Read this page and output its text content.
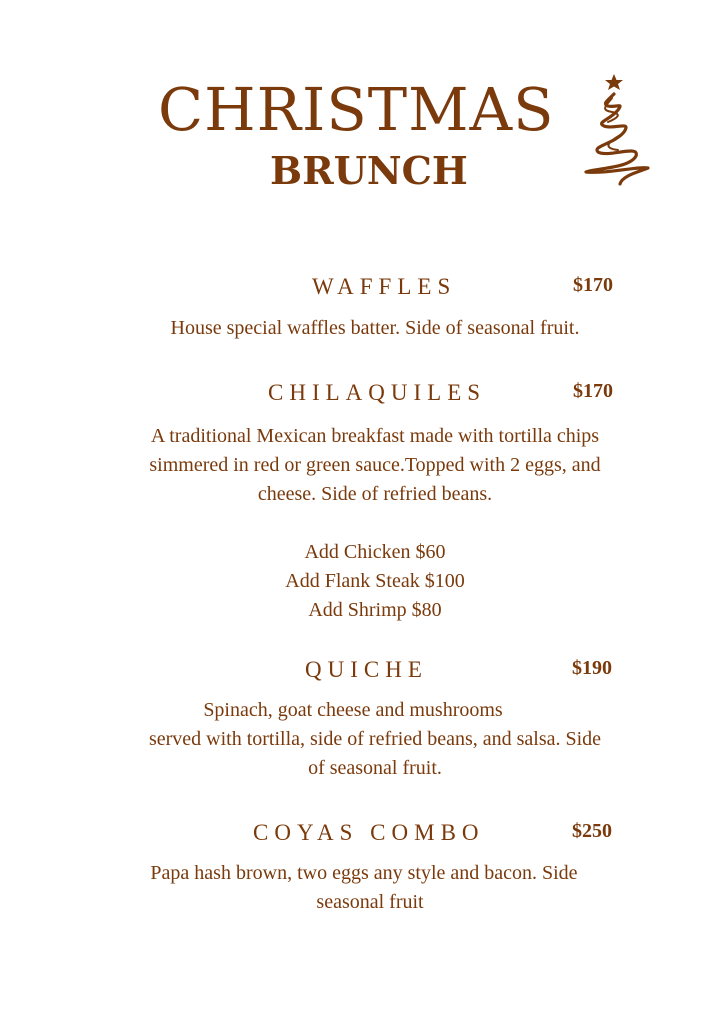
CHRISTMAS
BRUNCH
WAFFLES	$170
House special waffles batter. Side of seasonal fruit.
CHILAQUILES	$170
A traditional Mexican breakfast made with tortilla chips
simmered in red or green sauce.Topped with 2 eggs, and
cheese. Side of refried beans.
Add Chicken $60
Add Flank Steak $100
Add Shrimp $80
QUICHE	$190
Spinach, goat cheese and mushrooms
served with tortilla, side of refried beans, and salsa. Side
of seasonal fruit.
COYAS COMBO	$250
Papa hash brown, two eggs any style and bacon. Side
seasonal fruit
